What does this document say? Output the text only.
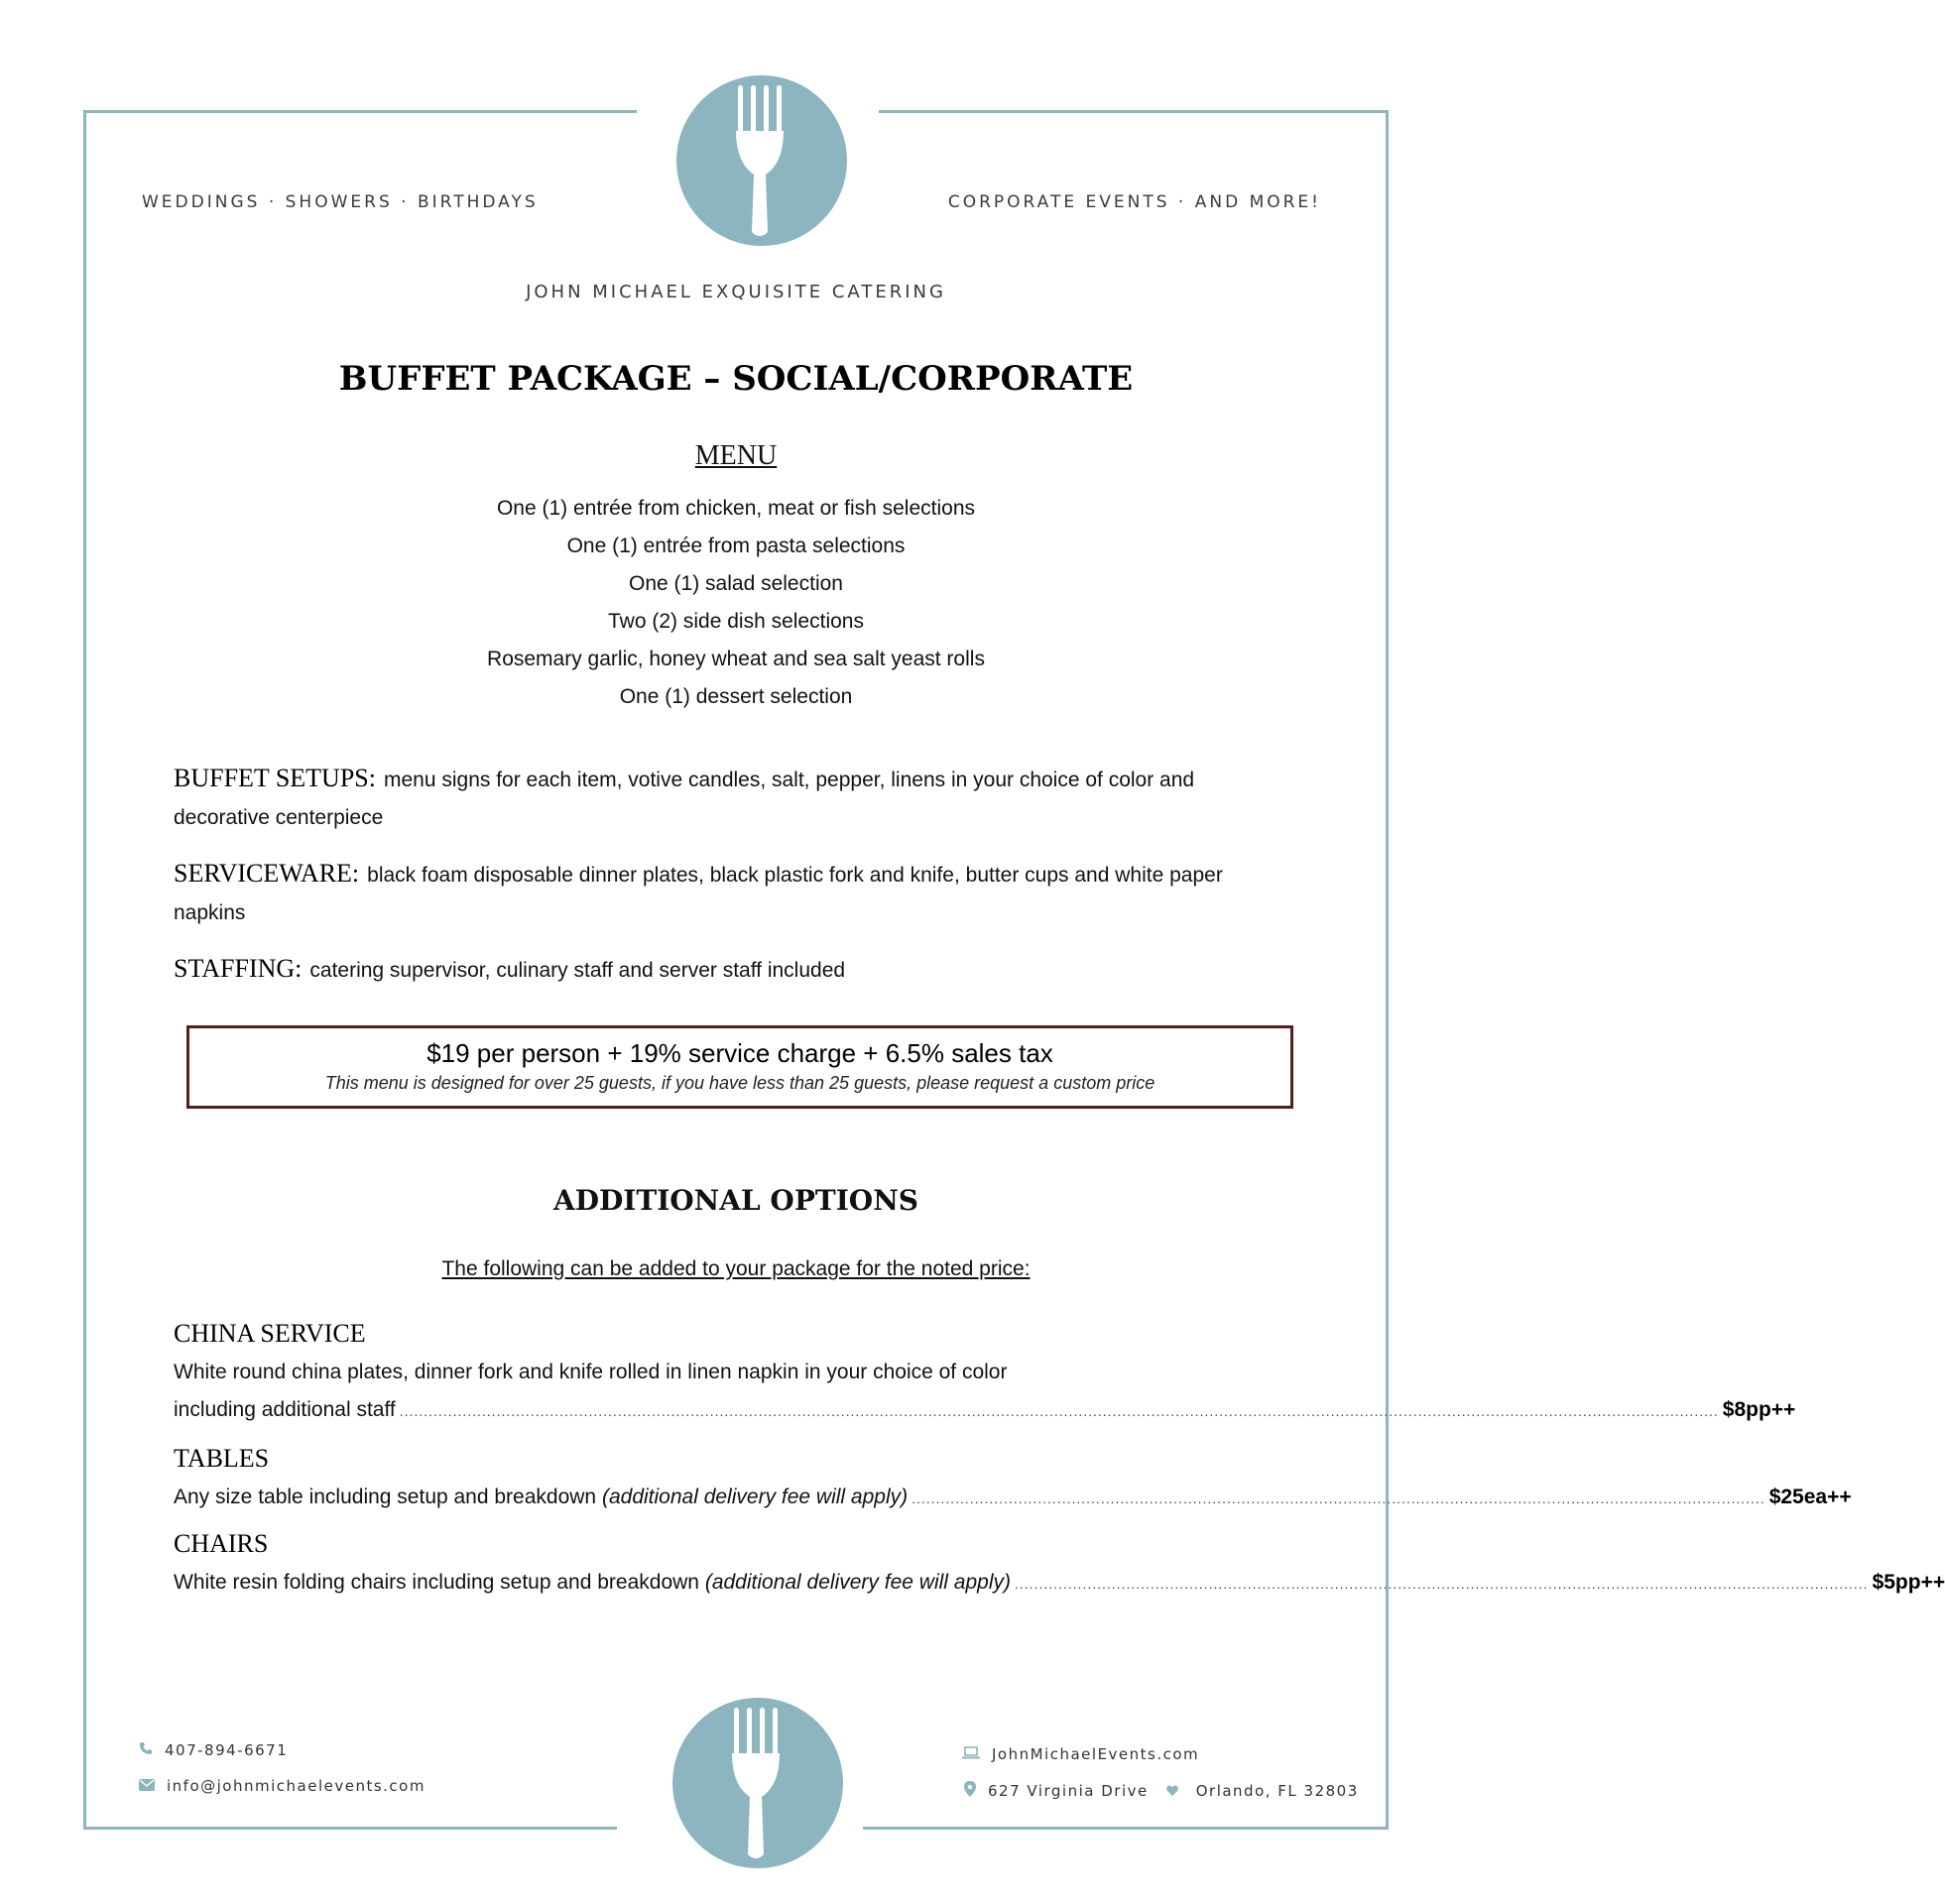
WEDDINGS · SHOWERS · BIRTHDAYS	CORPORATE EVENTS · AND MORE!
JOHN MICHAEL EXQUISITE CATERING
BUFFET PACKAGE – SOCIAL/CORPORATE
MENU
One (1) entrée from chicken, meat or fish selections
One (1) entrée from pasta selections
One (1) salad selection
Two (2) side dish selections
Rosemary garlic, honey wheat and sea salt yeast rolls
One (1) dessert selection
BUFFET SETUPS: menu signs for each item, votive candles, salt, pepper, linens in your choice of color and decorative centerpiece
SERVICEWARE: black foam disposable dinner plates, black plastic fork and knife, butter cups and white paper napkins
STAFFING: catering supervisor, culinary staff and server staff included
$19 per person + 19% service charge + 6.5% sales tax
This menu is designed for over 25 guests, if you have less than 25 guests, please request a custom price
ADDITIONAL OPTIONS
The following can be added to your package for the noted price:
CHINA SERVICE
White round china plates, dinner fork and knife rolled in linen napkin in your choice of color
including additional staff ................................................................................................................................................................................................................................................................................ $8pp++
TABLES
Any size table including setup and breakdown (additional delivery fee will apply) ................................................................................................................................................................................ $25ea++
CHAIRS
White resin folding chairs including setup and breakdown (additional delivery fee will apply) ................................................................................................................................................................................ $5pp++
407-894-6671
info@johnmichaelevents.com
JohnMichaelEvents.com
627 Virginia Drive	Orlando, FL 32803
